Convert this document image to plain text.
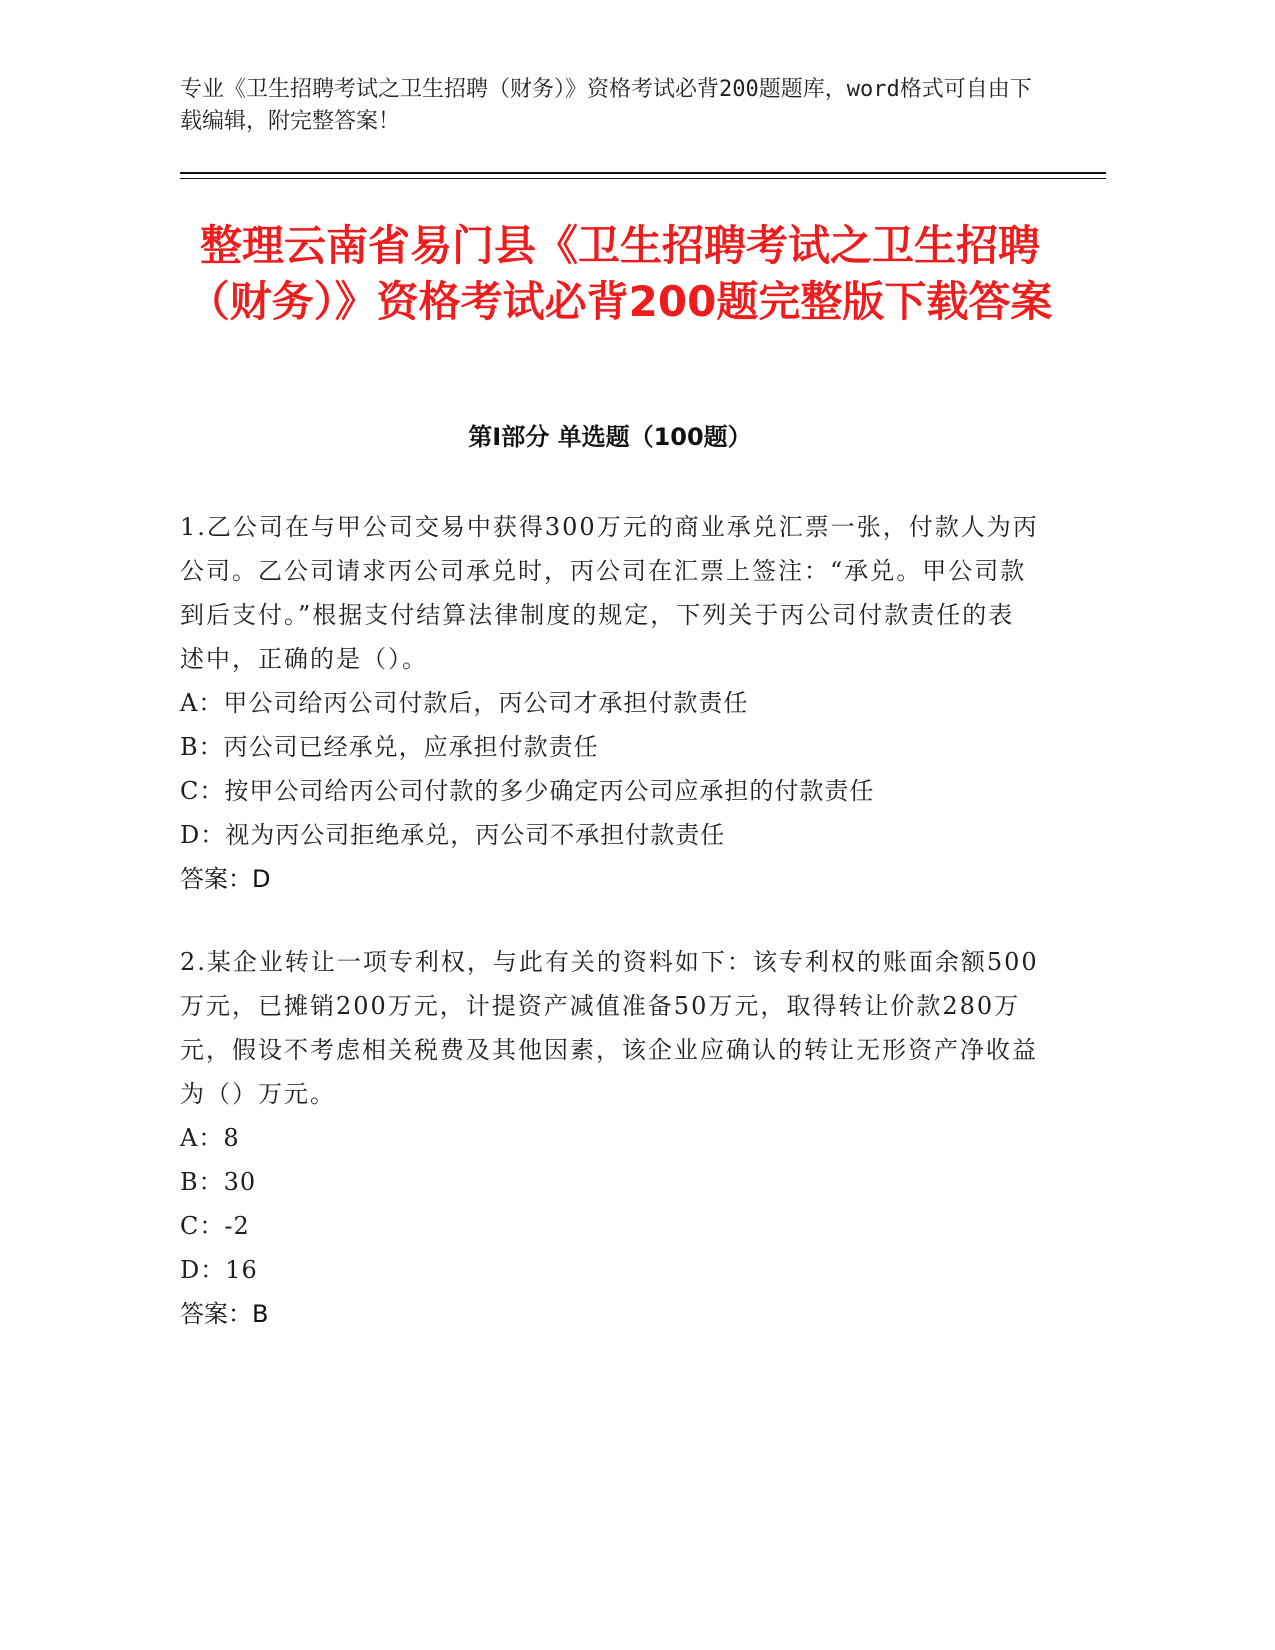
专业《卫生招聘考试之卫生招聘（财务）》资格考试必背200题题库，word格式可自由下载编辑，附完整答案！
整理云南省易门县《卫生招聘考试之卫生招聘（财务）》资格考试必背200题完整版下载答案
第Ⅰ部分 单选题（100题）
1.乙公司在与甲公司交易中获得300万元的商业承兑汇票一张，付款人为丙公司。乙公司请求丙公司承兑时，丙公司在汇票上签注：“承兑。甲公司款到后支付。”根据支付结算法律制度的规定，下列关于丙公司付款责任的表述中，正确的是（）。
A：甲公司给丙公司付款后，丙公司才承担付款责任
B：丙公司已经承兑，应承担付款责任
C：按甲公司给丙公司付款的多少确定丙公司应承担的付款责任
D：视为丙公司拒绝承兑，丙公司不承担付款责任
答案：D
2.某企业转让一项专利权，与此有关的资料如下：该专利权的账面余额500万元，已摊销200万元，计提资产减值准备50万元，取得转让价款280万元，假设不考虑相关税费及其他因素，该企业应确认的转让无形资产净收益为（）万元。
A：8
B：30
C：-2
D：16
答案：B
